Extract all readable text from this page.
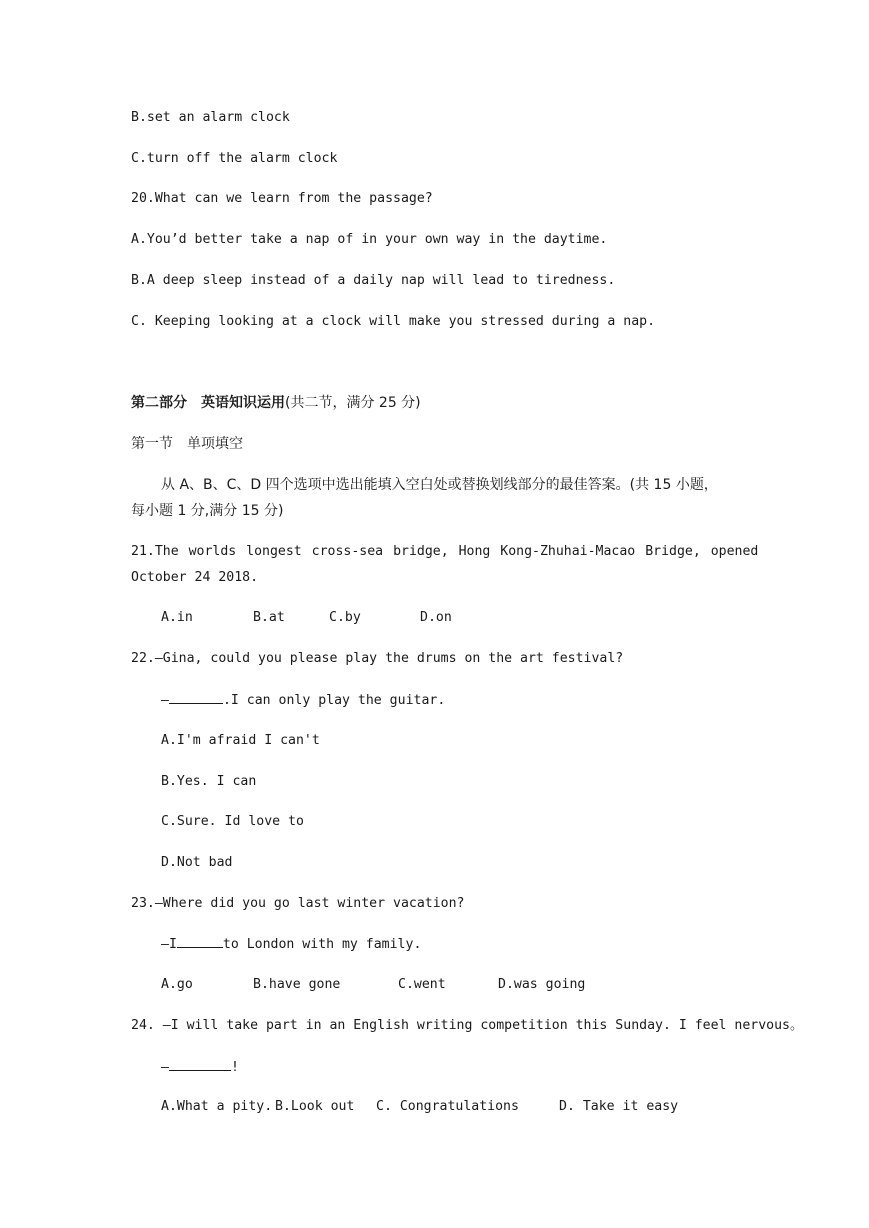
B.set an alarm clock
C.turn off the alarm clock
20.What can we learn from the passage?
A.You’d better take a nap of in your own way in the daytime.
B.A deep sleep instead of a daily nap will lead to tiredness.
C. Keeping looking at a clock will make you stressed during a nap.
第二部分　英语知识运用(共二节，满分 25 分)
第一节　单项填空
从 A、B、C、D 四个选项中选出能填入空白处或替换划线部分的最佳答案。(共 15 小题，
每小题 1 分,满分 15 分)
21.The worlds longest cross-sea bridge, Hong Kong-Zhuhai-Macao Bridge, opened
October 24 2018.
A.in	B.at	C.by	D.on
22.—Gina, could you please play the drums on the art festival?
—	.I can only play the guitar.
A.I'm afraid I can't
B.Yes. I can
C.Sure. Id love to
D.Not bad
23.—Where did you go last winter vacation?
—I	to London with my family.
A.go	B.have gone	C.went	D.was going
24. —I will take part in an English writing competition this Sunday. I feel nervous。
—	!
A.What a pity. B.Look out C. Congratulations	D. Take it easy
